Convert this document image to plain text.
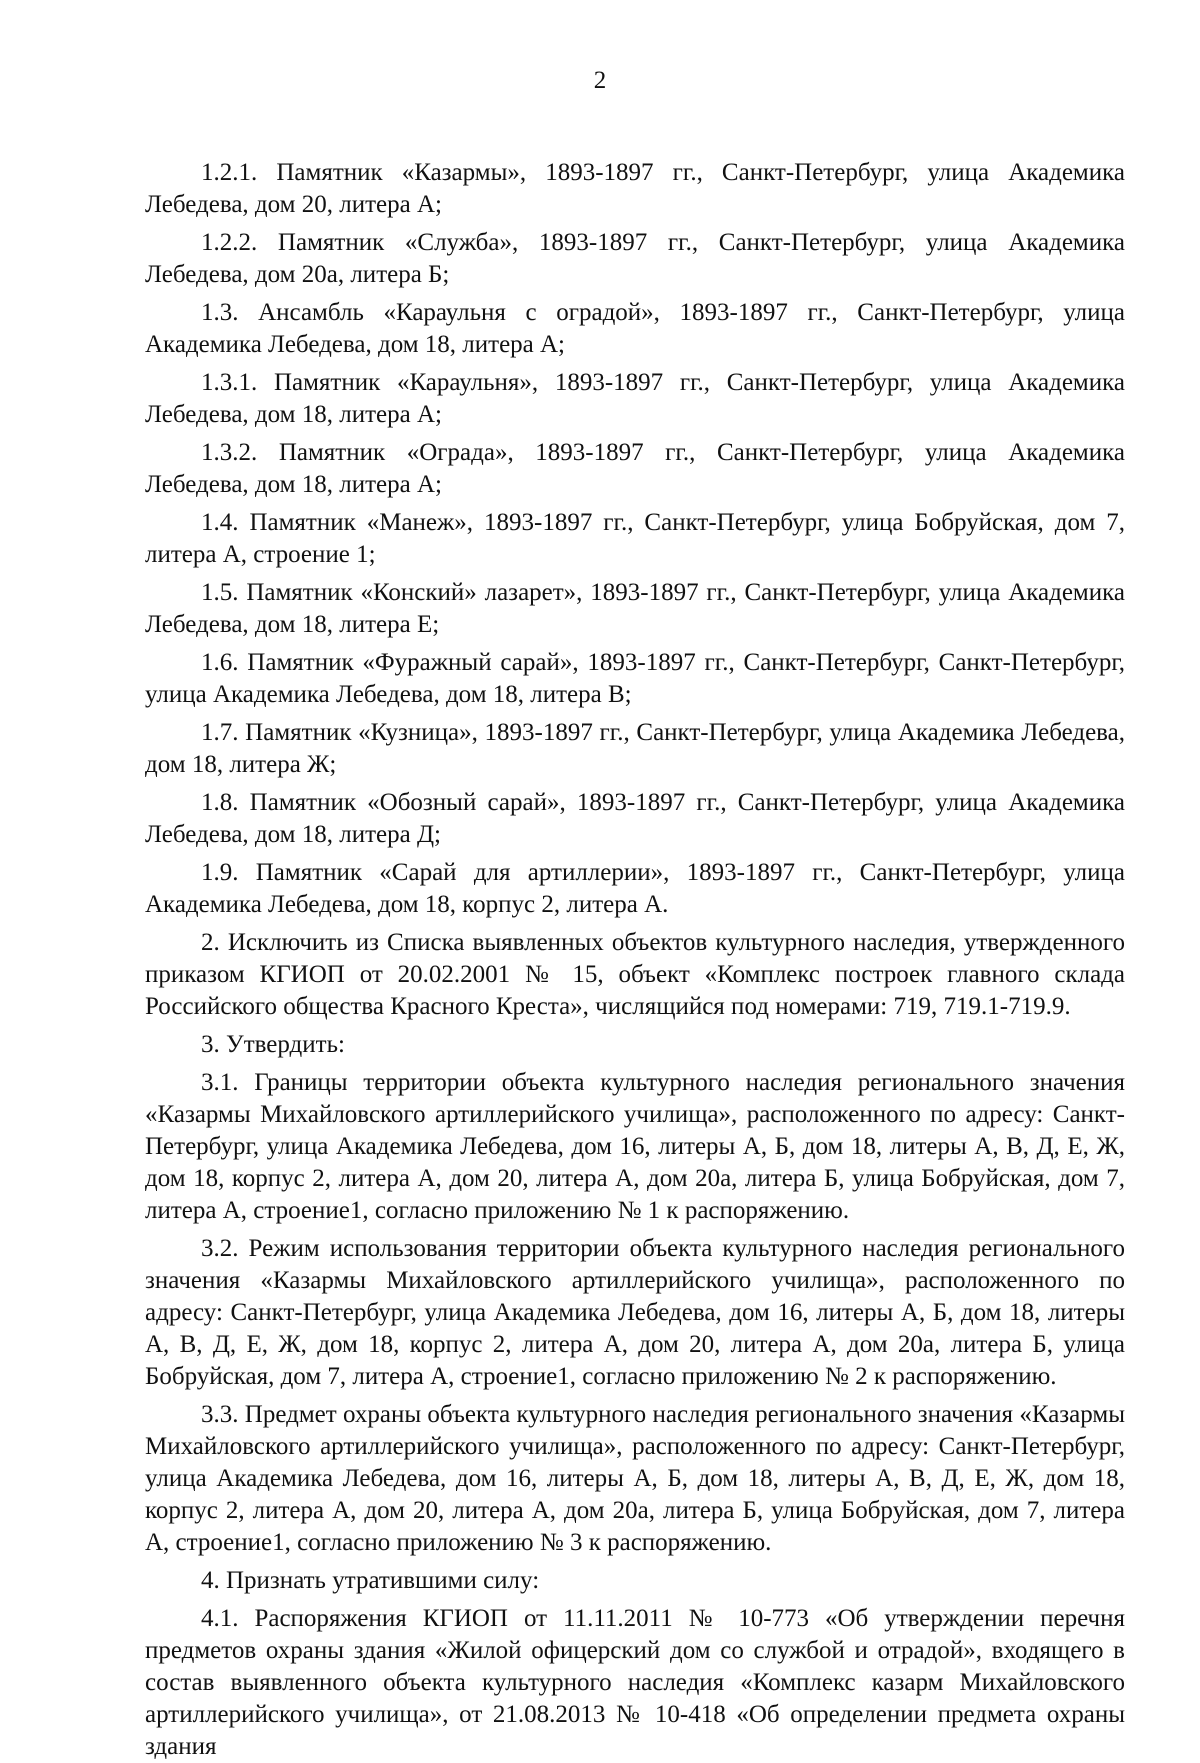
2

1.2.1. Памятник «Казармы», 1893-1897 гг., Санкт-Петербург, улица Академика Лебедева, дом 20, литера А;

1.2.2. Памятник «Служба», 1893-1897 гг., Санкт-Петербург, улица Академика Лебедева, дом 20а, литера Б;

1.3. Ансамбль «Караульня с оградой», 1893-1897 гг., Санкт-Петербург, улица Академика Лебедева, дом 18, литера А;

1.3.1. Памятник «Караульня», 1893-1897 гг., Санкт-Петербург, улица Академика Лебедева, дом 18, литера А;

1.3.2. Памятник «Ограда», 1893-1897 гг., Санкт-Петербург, улица Академика Лебедева, дом 18, литера А;

1.4. Памятник «Манеж», 1893-1897 гг., Санкт-Петербург, улица Бобруйская, дом 7, литера А, строение 1;

1.5. Памятник «Конский» лазарет», 1893-1897 гг., Санкт-Петербург, улица Академика Лебедева, дом 18, литера Е;

1.6. Памятник «Фуражный сарай», 1893-1897 гг., Санкт-Петербург, Санкт-Петербург, улица Академика Лебедева, дом 18, литера В;

1.7. Памятник «Кузница», 1893-1897 гг., Санкт-Петербург, улица Академика Лебедева, дом 18, литера Ж;

1.8. Памятник «Обозный сарай», 1893-1897 гг., Санкт-Петербург, улица Академика Лебедева, дом 18, литера Д;

1.9. Памятник «Сарай для артиллерии», 1893-1897 гг., Санкт-Петербург, улица Академика Лебедева, дом 18, корпус 2, литера А.

2. Исключить из Списка выявленных объектов культурного наследия, утвержденного приказом КГИОП от 20.02.2001 № 15, объект «Комплекс построек главного склада Российского общества Красного Креста», числящийся под номерами: 719, 719.1-719.9.

3. Утвердить:

3.1. Границы территории объекта культурного наследия регионального значения «Казармы Михайловского артиллерийского училища», расположенного по адресу: Санкт-Петербург, улица Академика Лебедева, дом 16, литеры А, Б, дом 18, литеры А, В, Д, Е, Ж, дом 18, корпус 2, литера А, дом 20, литера А, дом 20а, литера Б, улица Бобруйская, дом 7, литера А, строение1, согласно приложению № 1 к распоряжению.

3.2. Режим использования территории объекта культурного наследия регионального значения «Казармы Михайловского артиллерийского училища», расположенного по адресу: Санкт-Петербург, улица Академика Лебедева, дом 16, литеры А, Б, дом 18, литеры А, В, Д, Е, Ж, дом 18, корпус 2, литера А, дом 20, литера А, дом 20а, литера Б, улица Бобруйская, дом 7, литера А, строение1, согласно приложению № 2 к распоряжению.

3.3. Предмет охраны объекта культурного наследия регионального значения «Казармы Михайловского артиллерийского училища», расположенного по адресу: Санкт-Петербург, улица Академика Лебедева, дом 16, литеры А, Б, дом 18, литеры А, В, Д, Е, Ж, дом 18, корпус 2, литера А, дом 20, литера А, дом 20а, литера Б, улица Бобруйская, дом 7, литера А, строение1, согласно приложению № 3 к распоряжению.

4. Признать утратившими силу:

4.1. Распоряжения КГИОП от 11.11.2011 № 10-773 «Об утверждении перечня предметов охраны здания «Жилой офицерский дом со службой и отрадой», входящего в состав выявленного объекта культурного наследия «Комплекс казарм Михайловского артиллерийского училища», от 21.08.2013 № 10-418 «Об определении предмета охраны здания
